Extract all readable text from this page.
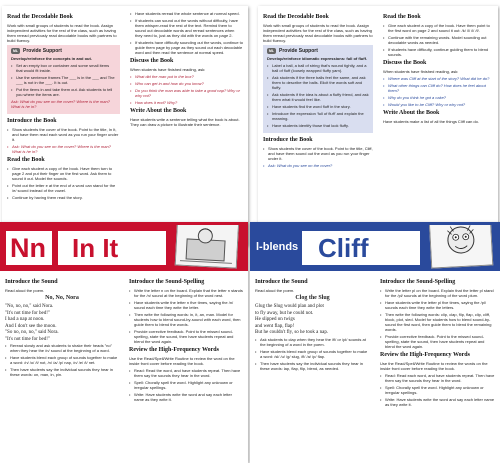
Read the Decodable Book
Work with small groups of students to read the book. Assign independent activities for the rest of the class, such as having them reread previously read decodable books with partners to build fluency.
ML Provide Support
Develop/reinforce the concepts in and out.
• Set an empty box or container and some small items that would fit inside.
• Use the sentence frames The ___ is in the ___ and The ___ is not in the ___. It is out.
• Put the items in and take them out. Ask students to tell you where the items are.
Ask: What do you see on the cover? Where is the man? What is he in?
Introduce the Book
• Show students the cover of the book. Point to the title, In It, and have them read each word as you run your finger under it.
• Ask: What do you see on the cover? Where is the man? What is he in?
Read the Book
• Give each student a copy of the book. Have them turn to page 2 and put their finger on the first word. Ask them to sound it out. Model the sounds.
• Point out the letter e at the end of a word can stand for the /e/ sound instead of the vowel.
• Continue by having them read the story.
• Have students reread the whole sentence at normal speed.
• If students can sound out the words without difficulty, have them whisper-read the rest of the text. Remind them to sound out decodable words and reread sentences when they need to, just as they did with the words on page 2.
• If students have difficulty sounding out the words, continue to guide them page by page as they sound out each decodable word and then read the sentence at normal speed.
Discuss the Book
When students have finished reading, ask:
• What did the man put in the box?
• Who can get in and how do you know?
• Do you think the man was able to take a good nap? Why or why not?
• How does it end? Why?
Write About the Book
Have students write a sentence telling what the book is about. They can draw a picture to illustrate their sentence.
Read the Decodable Book
Work with small groups of students to read the book. Assign independent activities for the rest of the class, such as having them reread previously read decodable books with partners to build fluency.
ML Provide Support
Develop/reinforce idiomatic expressions: full of fluff.
• Label a ball, a ball of string that's wound tightly, and a ball of fluff (loosely wrapped fluffy yarn).
• Ask students if the three balls feel the same, and ask them to describe the balls. Elicit the words soft and fluffy.
• Ask students if the idea is about a fluffy friend, and ask them what it would feel like.
• Have students find the word fluff in the story.
• Introduce the expression 'full of fluff' and explain the meaning.
• Have students identify those that look fluffy.
Introduce the Book
• Show students the cover of the book. Point to the title, Cliff, and have them sound out the word as you run your finger under it.
• Ask: What do you see on the cover?
Read the Book
• Give each student a copy of the book. Have them point to the first word on page 2 and sound it out: /k/ /l/ /i/ /f/.
• Continue with the remaining words. Model sounding out decodable words as needed.
• If students have difficulty, continue guiding them to blend sounds.
Discuss the Book
When students have finished reading, ask:
• Where was Cliff at the start of the story? What did he do?
• What other things can Cliff do? How does he feel about them?
• Why do you think he got a cake?
• Would you like to be Cliff? Why or why not?
Write About the Book
Have students make a list of all the things Cliff can do.
Nn In It
Introduce the Sound
Read aloud the poem.
No, No, Nora
"No, no, no," said Nora.
"It's not time for bed!"
I had a nap at noon.
And I don't see the moon.
"So no, no, no," said Nora.
"It's not time for bed!"
• Reread slowly and ask students to shake their heads "no" when they hear the /n/ sound at the beginning of a word.
• Have students blend each group of sounds together to make a word: /n/ /o/ /t/ not, /n/ /a/ /p/ nap, /n/ /e/ /t/ net.
• Then have students say the individual sounds they hear in these words: on, man, in, pin.
Introduce the Sound-Spelling
• Write the letter n on the board. Explain that the letter n stands for the /n/ sound at the beginning of the word nest.
• Have students write the letter n five times, saying the /n/ sound each time they write the letter.
• Then write the following words: in, it, an, man. Model for students how to blend sound-by-sound with each word, then guide them to blend the words.
• Provide corrective feedback. Point to the missed sound-spelling, state the sound, then have students repeat and blend the word again.
Review the High-Frequency Words
Use the Read/Spell/Write Routine to review the word on the inside front cover before reading the book.
• Read: Read the word, and have students repeat. Then have them say the sounds they hear in the word.
• Spell: Chorally spell the word. Highlight any unknown or irregular spellings.
• Write: Have students write the word and say each letter name as they write it.
l-blends Cliff
Introduce the Sound
Read aloud the poem.
Clog the Slug
Glug the Slug would plan and plot
to fly away, but he could not.
He slipped on twigs
and went flap, flap!
But he couldn't fly, so he took a nap.
• Ask students to clap when they hear the /fl/ or /pl/ sounds at the beginning of a word in the poem.
• Have students blend each group of sounds together to make a word: /sl/ /u/ /g/ slug, /fl/ /a/ /p/ flap.
• Then have students say the individual sounds they hear in these words: lap, flap, flip, blend, as needed.
Introduce the Sound-Spelling
• Write the letter pl on the board. Explain that the letter pl stand for the /pl/ sounds at the beginning of the word plum.
• Have students write the letter pl five times, saying the /pl/ sounds each time they write the letters.
• Then write the following words: clip, clap, flip, flap, clip, cliff, block, plot, sled. Model for students how to blend sound-by-sound the first word, then guide them to blend the remaining words.
• Provide corrective feedback. Point to the missed sound-spelling, state the sound, then have students repeat and blend the word again.
Review the High-Frequency Words
Use the Read/Spell/Write Routine to review the words on the inside front cover before reading the book.
• Read: Read each word, and have students repeat. Then have them say the sounds they hear in the word.
• Spell: Chorally spell the word. Highlight any unknown or irregular spellings.
• Write: Have students write the word and say each letter name as they write it.
